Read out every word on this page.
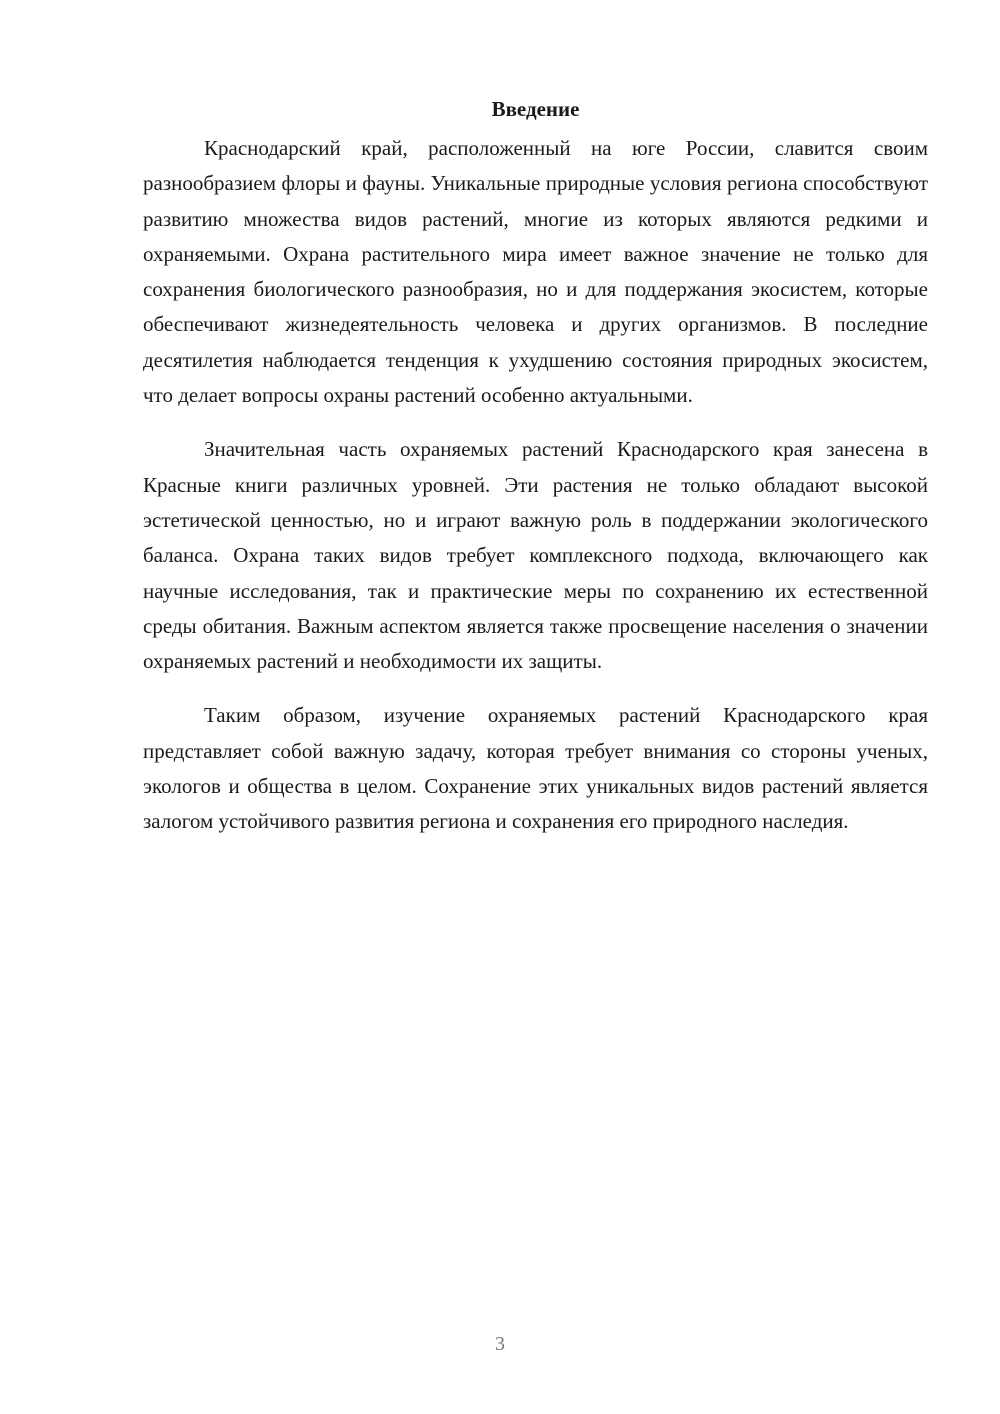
Введение

Краснодарский край, расположенный на юге России, славится своим разнообразием флоры и фауны. Уникальные природные условия региона способствуют развитию множества видов растений, многие из которых являются редкими и охраняемыми. Охрана растительного мира имеет важное значение не только для сохранения биологического разнообразия, но и для поддержания экосистем, которые обеспечивают жизнедеятельность человека и других организмов. В последние десятилетия наблюдается тенденция к ухудшению состояния природных экосистем, что делает вопросы охраны растений особенно актуальными.

Значительная часть охраняемых растений Краснодарского края занесена в Красные книги различных уровней. Эти растения не только обладают высокой эстетической ценностью, но и играют важную роль в поддержании экологического баланса. Охрана таких видов требует комплексного подхода, включающего как научные исследования, так и практические меры по сохранению их естественной среды обитания. Важным аспектом является также просвещение населения о значении охраняемых растений и необходимости их защиты.

Таким образом, изучение охраняемых растений Краснодарского края представляет собой важную задачу, которая требует внимания со стороны ученых, экологов и общества в целом. Сохранение этих уникальных видов растений является залогом устойчивого развития региона и сохранения его природного наследия.

3
